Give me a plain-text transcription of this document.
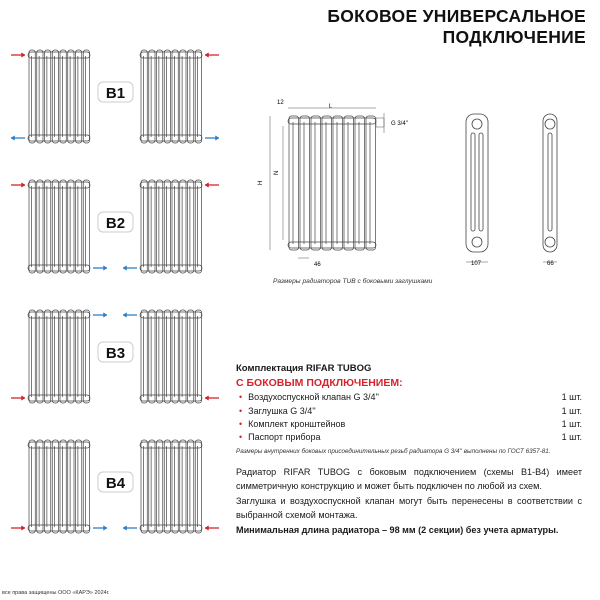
БОКОВОЕ УНИВЕРСАЛЬНОЕ
ПОДКЛЮЧЕНИЕ
B1
B2
B3
B4
12
L
G 3/4''
H
N
46	107	66
Размеры радиаторов TUB с боковыми заглушками
Комплектация RIFAR TUBOG
С БОКОВЫМ ПОДКЛЮЧЕНИЕМ:
• Воздухоспускной клапан G 3/4''	1 шт.
• Заглушка G 3/4''	1 шт.
• Комплект кронштейнов	1 шт.
• Паспорт прибора	1 шт.
Размеры внутренних боковых присоединительных резьб радиатора G 3/4'' выполнены по ГОСТ 6357-81.

Радиатор RIFAR TUBOG с боковым подключением (схемы В1-В4) имеет симметричную конструкцию и может быть подключен по любой из схем.

Заглушка и воздухоспускной клапан могут быть перенесены в соответствии с выбранной схемой монтажа.

Минимальная длина радиатора – 98 мм (2 секции) без учета арматуры.

все права защищены ООО «КАРЭ» 2024г.
